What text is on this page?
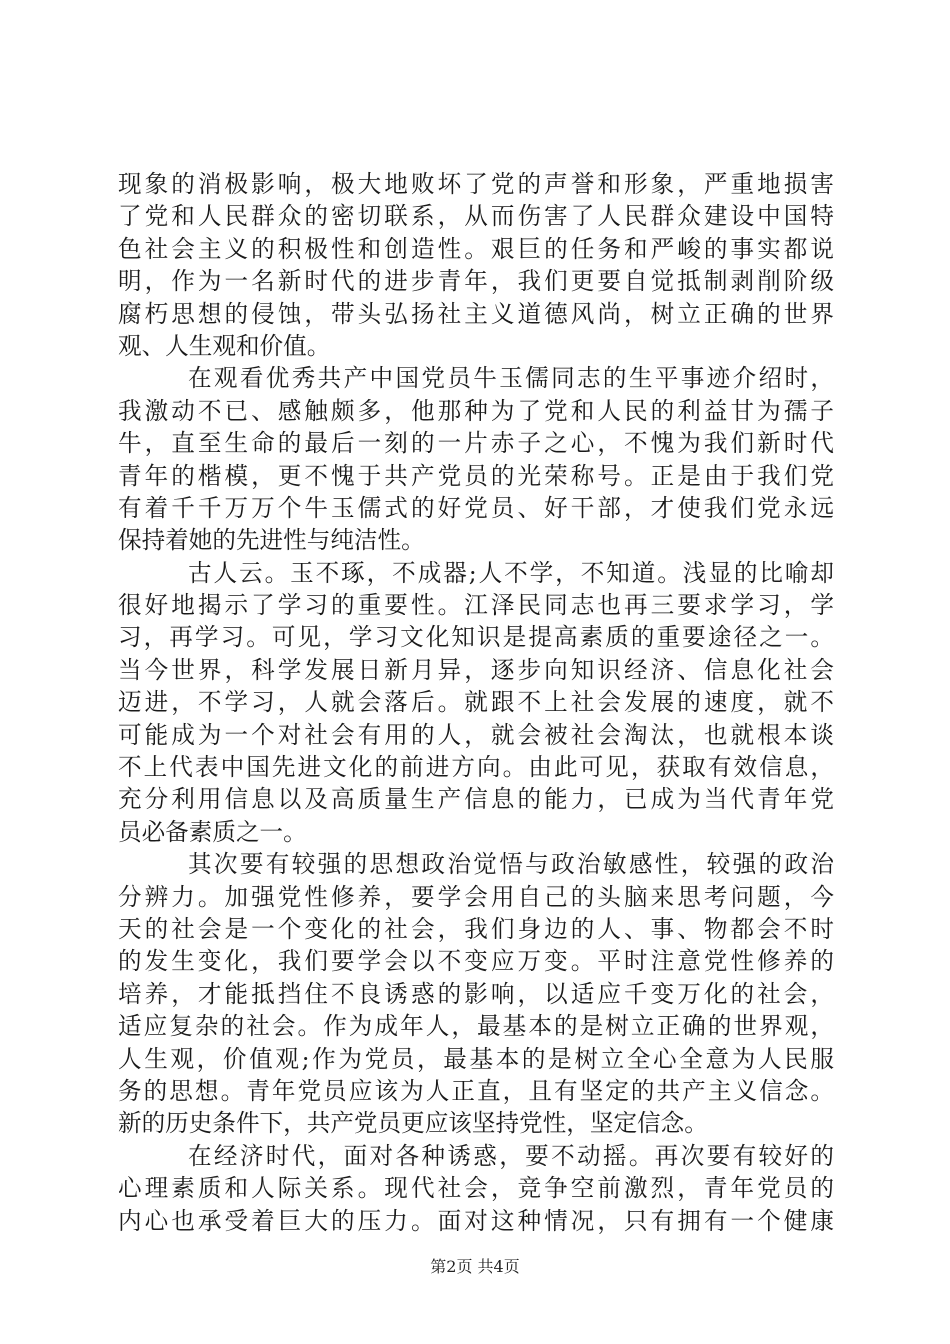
现象的消极影响，极大地败坏了党的声誉和形象，严重地损害
了党和人民群众的密切联系，从而伤害了人民群众建设中国特
色社会主义的积极性和创造性。艰巨的任务和严峻的事实都说
明，作为一名新时代的进步青年，我们更要自觉抵制剥削阶级
腐朽思想的侵蚀，带头弘扬社主义道德风尚，树立正确的世界
观、人生观和价值。
在观看优秀共产中国党员牛玉儒同志的生平事迹介绍时，
我激动不已、感触颇多，他那种为了党和人民的利益甘为孺子
牛，直至生命的最后一刻的一片赤子之心，不愧为我们新时代
青年的楷模，更不愧于共产党员的光荣称号。正是由于我们党
有着千千万万个牛玉儒式的好党员、好干部，才使我们党永远
保持着她的先进性与纯洁性。
古人云。玉不琢，不成器;人不学，不知道。浅显的比喻却
很好地揭示了学习的重要性。江泽民同志也再三要求学习，学
习，再学习。可见，学习文化知识是提高素质的重要途径之一。
当今世界，科学发展日新月异，逐步向知识经济、信息化社会
迈进，不学习，人就会落后。就跟不上社会发展的速度，就不
可能成为一个对社会有用的人，就会被社会淘汰，也就根本谈
不上代表中国先进文化的前进方向。由此可见，获取有效信息，
充分利用信息以及高质量生产信息的能力，已成为当代青年党
员必备素质之一。
其次要有较强的思想政治觉悟与政治敏感性，较强的政治
分辨力。加强党性修养，要学会用自己的头脑来思考问题，今
天的社会是一个变化的社会，我们身边的人、事、物都会不时
的发生变化，我们要学会以不变应万变。平时注意党性修养的
培养，才能抵挡住不良诱惑的影响，以适应千变万化的社会，
适应复杂的社会。作为成年人，最基本的是树立正确的世界观，
人生观，价值观;作为党员，最基本的是树立全心全意为人民服
务的思想。青年党员应该为人正直，且有坚定的共产主义信念。
新的历史条件下，共产党员更应该坚持党性，坚定信念。
在经济时代，面对各种诱惑，要不动摇。再次要有较好的
心理素质和人际关系。现代社会，竞争空前激烈，青年党员的
内心也承受着巨大的压力。面对这种情况，只有拥有一个健康
第2页 共4页
